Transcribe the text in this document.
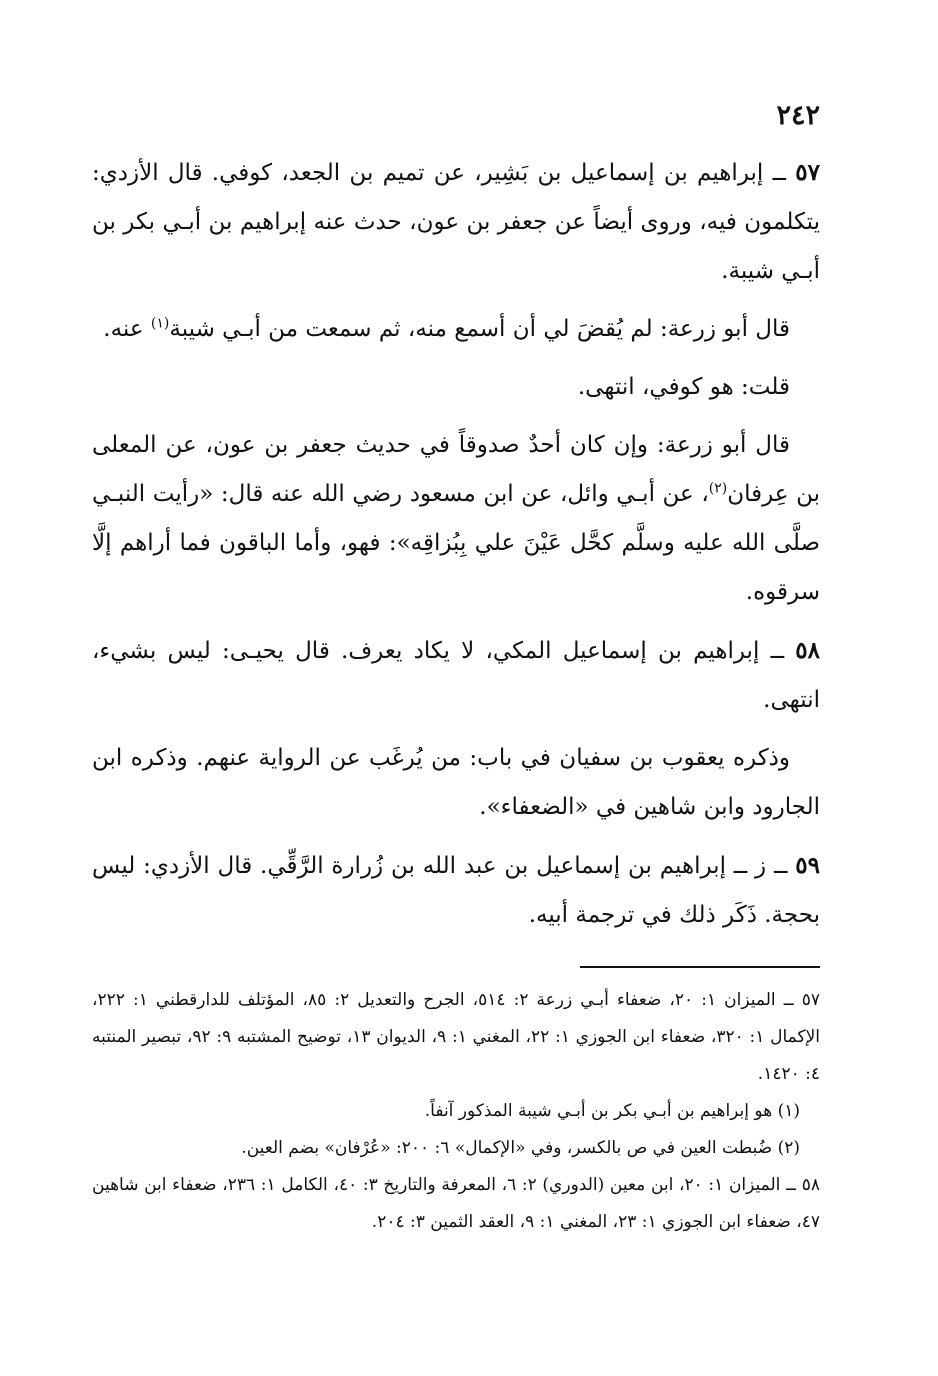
٢٤٢

٥٧ ــ إبراهيم بن إسماعيل بن بَشِير، عن تميم بن الجعد، كوفي. قال الأزدي: يتكلمون فيه، وروى أيضاً عن جعفر بن عون، حدث عنه إبراهيم بن أبـي بكر بن أبـي شيبة.

قال أبو زرعة: لم يُقضَ لي أن أسمع منه، ثم سمعت من أبـي شيبة$^{(١)}$ عنه.

قلت: هو كوفي، انتهى.

قال أبو زرعة: وإن كان أحدٌ صدوقاً في حديث جعفر بن عون، عن المعلى بن عِرفان$^{(٢)}$، عن أبـي وائل، عن ابن مسعود رضي الله عنه قال: «رأيت النبـي صلَّى الله عليه وسلَّم كحَّل عَيْنَ علي بِبُزاقِه»: فهو، وأما الباقون فما أراهم إلَّا سرقوه.

٥٨ ــ إبراهيم بن إسماعيل المكي، لا يكاد يعرف. قال يحيـى: ليس بشيء، انتهى.

وذكره يعقوب بن سفيان في باب: من يُرغَب عن الرواية عنهم. وذكره ابن الجارود وابن شاهين في «الضعفاء».

٥٩ ــ ز ــ إبراهيم بن إسماعيل بن عبد الله بن زُرارة الرَّقِّي. قال الأزدي: ليس بحجة. ذَكَر ذلك في ترجمة أبيه.

٥٧ ــ الميزان ١: ٢٠، ضعفاء أبـي زرعة ٢: ٥١٤، الجرح والتعديل ٢: ٨٥، المؤتلف للدارقطني ١: ٢٢٢، الإكمال ١: ٣٢٠، ضعفاء ابن الجوزي ١: ٢٢، المغني ١: ٩، الديوان ١٣، توضيح المشتبه ٩: ٩٢، تبصير المنتبه ٤: ١٤٢٠.

(١) هو إبراهيم بن أبـي بكر بن أبـي شيبة المذكور آنفاً.

(٢) ضُبطت العين في ص بالكسر، وفي «الإكمال» ٦: ٢٠٠: «عُرْفان» بضم العين.

٥٨ ــ الميزان ١: ٢٠، ابن معين (الدوري) ٢: ٦، المعرفة والتاريخ ٣: ٤٠، الكامل ١: ٢٣٦، ضعفاء ابن شاهين ٤٧، ضعفاء ابن الجوزي ١: ٢٣، المغني ١: ٩، العقد الثمين ٣: ٢٠٤.
